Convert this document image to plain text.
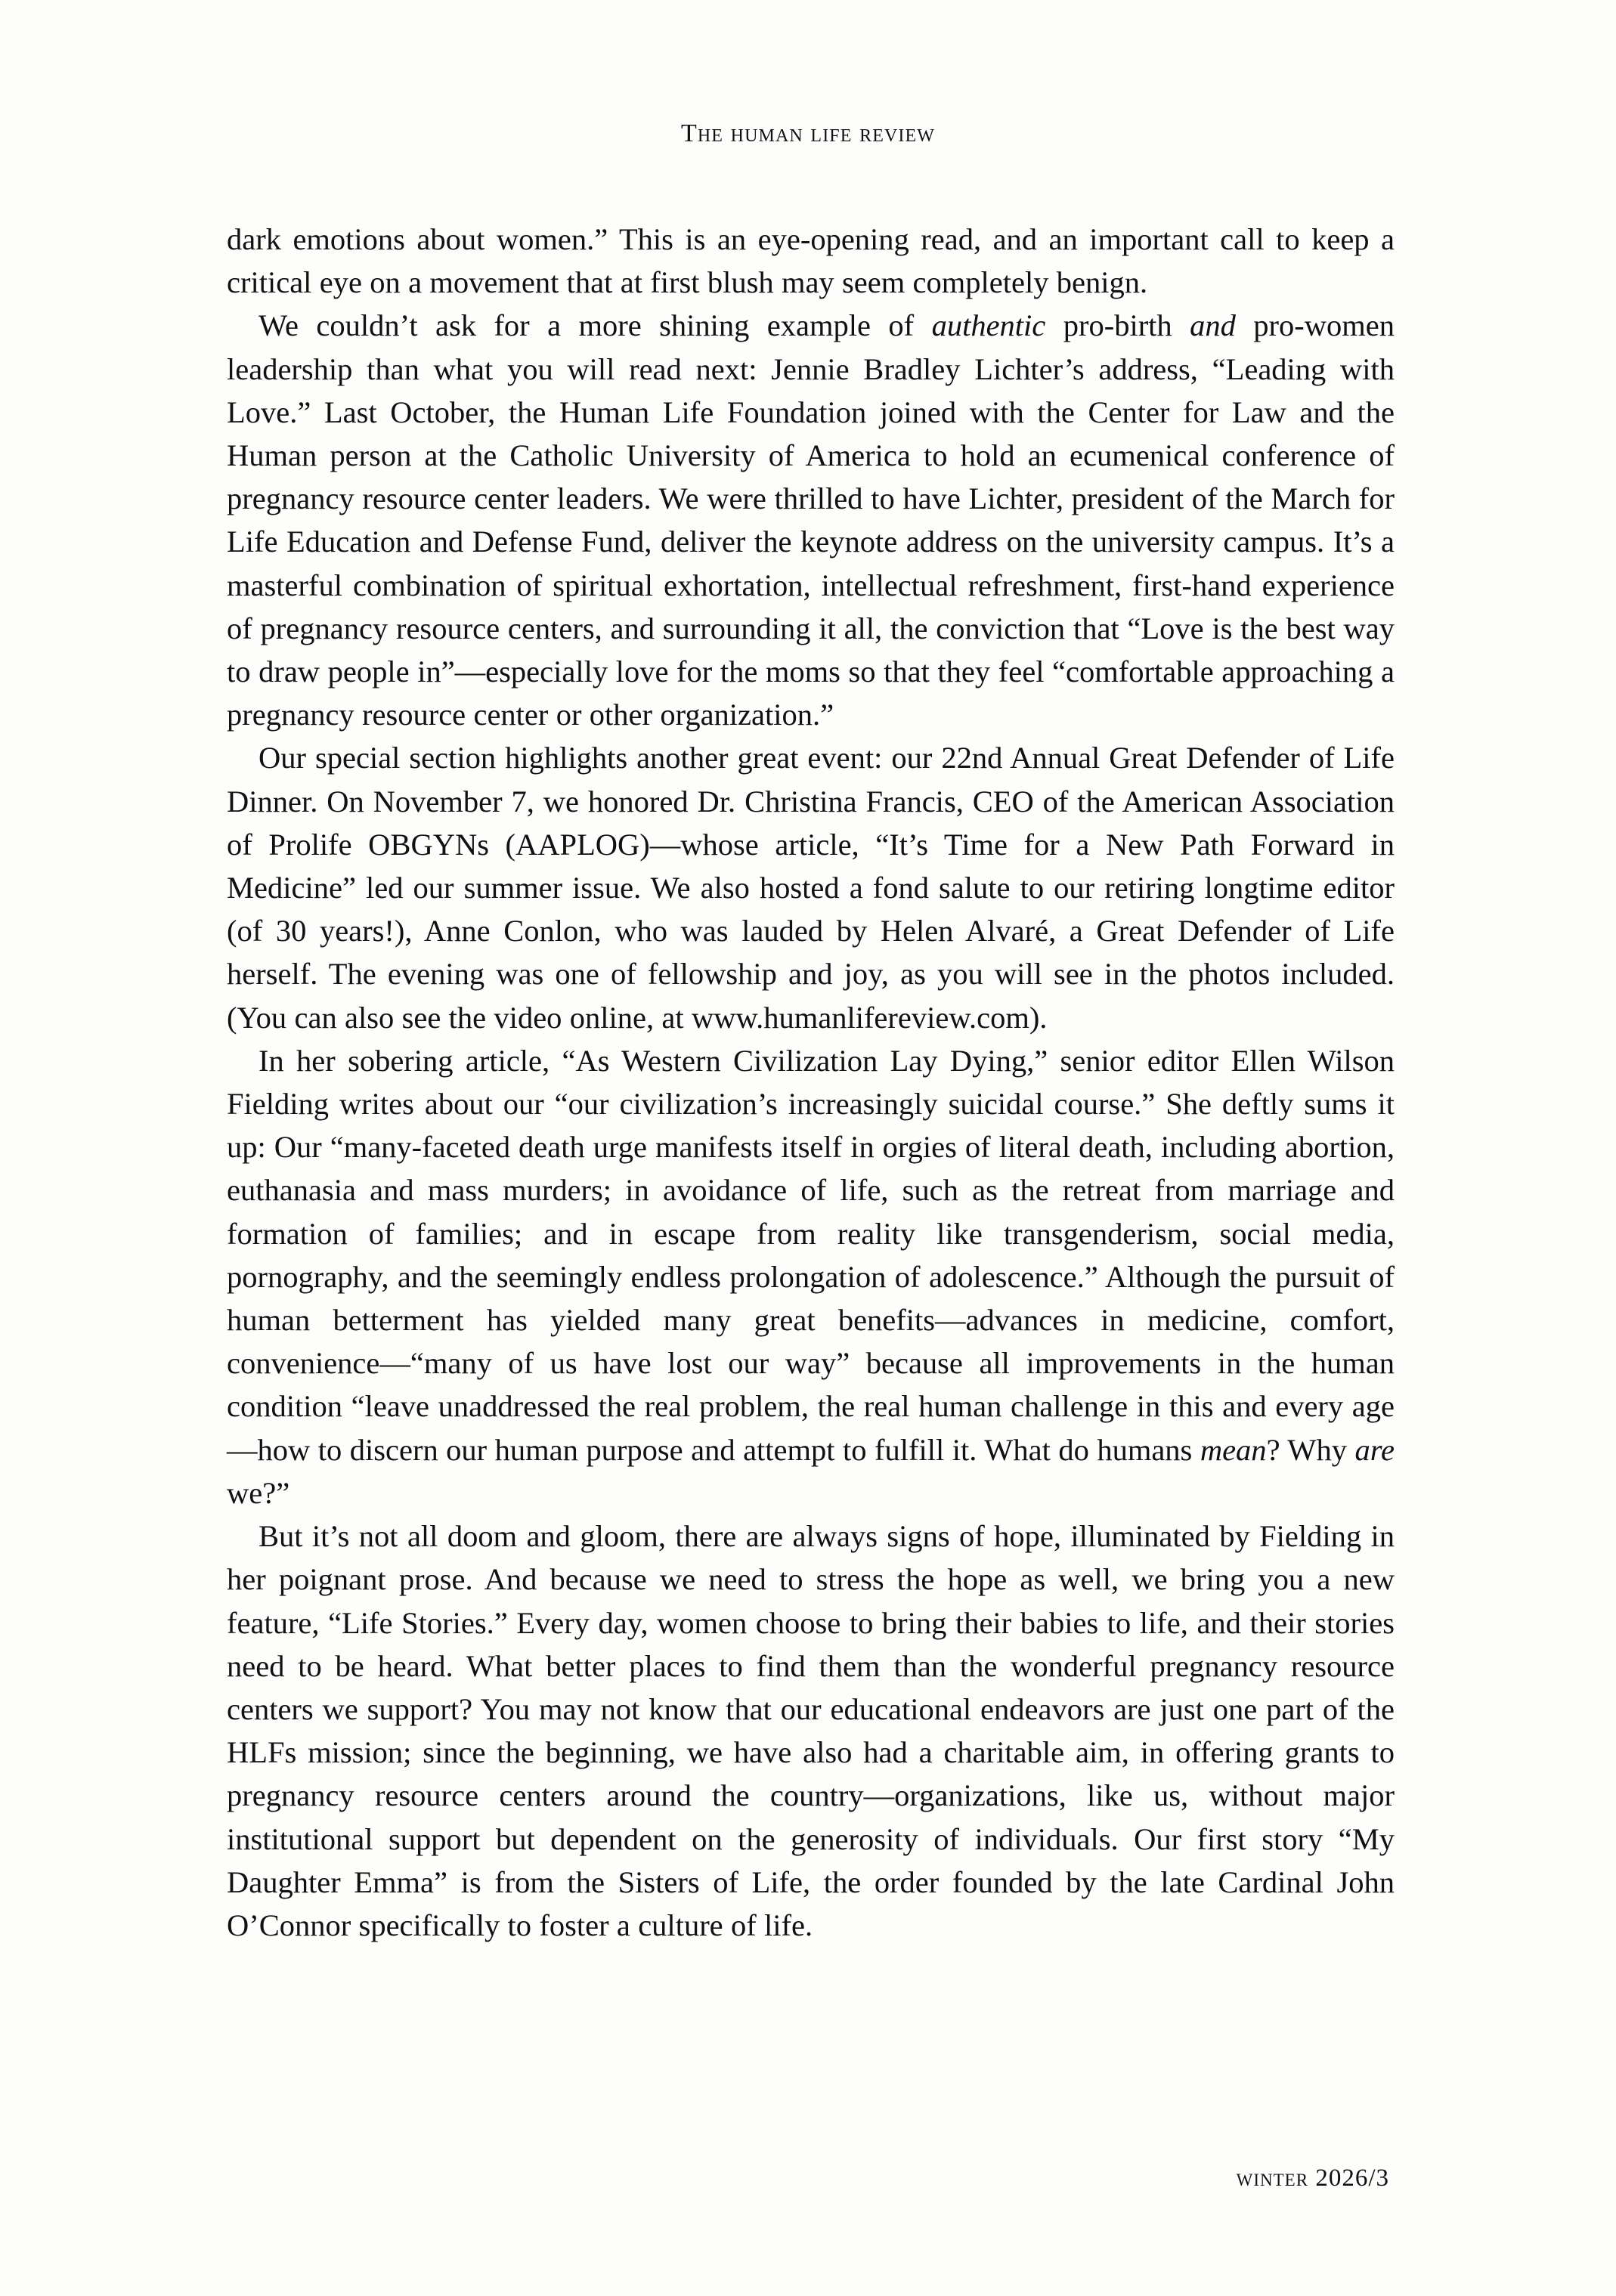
The human life review

dark emotions about women.” This is an eye-opening read, and an important call to keep a critical eye on a movement that at first blush may seem completely benign.

We couldn’t ask for a more shining example of authentic pro-birth and pro-women leadership than what you will read next: Jennie Bradley Lichter’s address, “Leading with Love.” Last October, the Human Life Foundation joined with the Center for Law and the Human person at the Catholic University of America to hold an ecumenical conference of pregnancy resource center leaders. We were thrilled to have Lichter, president of the March for Life Education and Defense Fund, deliver the keynote address on the university campus. It’s a masterful combination of spiritual exhortation, intellectual refreshment, first-hand experience of pregnancy resource centers, and surrounding it all, the conviction that “Love is the best way to draw people in”—especially love for the moms so that they feel “comfortable approaching a pregnancy resource center or other organization.”

Our special section highlights another great event: our 22nd Annual Great Defender of Life Dinner. On November 7, we honored Dr. Christina Francis, CEO of the American Association of Prolife OBGYNs (AAPLOG)—whose article, “It’s Time for a New Path Forward in Medicine” led our summer issue. We also hosted a fond salute to our retiring longtime editor (of 30 years!), Anne Conlon, who was lauded by Helen Alvaré, a Great Defender of Life herself. The evening was one of fellowship and joy, as you will see in the photos included. (You can also see the video online, at www.humanlifereview.com).

In her sobering article, “As Western Civilization Lay Dying,” senior editor Ellen Wilson Fielding writes about our “our civilization’s increasingly suicidal course.” She deftly sums it up: Our “many-faceted death urge manifests itself in orgies of literal death, including abortion, euthanasia and mass murders; in avoidance of life, such as the retreat from marriage and formation of families; and in escape from reality like transgenderism, social media, pornography, and the seemingly endless prolongation of adolescence.” Although the pursuit of human betterment has yielded many great benefits—advances in medicine, comfort, convenience—“many of us have lost our way” because all improvements in the human condition “leave unaddressed the real problem, the real human challenge in this and every age—how to discern our human purpose and attempt to fulfill it. What do humans mean? Why are we?”

But it’s not all doom and gloom, there are always signs of hope, illuminated by Fielding in her poignant prose. And because we need to stress the hope as well, we bring you a new feature, “Life Stories.” Every day, women choose to bring their babies to life, and their stories need to be heard. What better places to find them than the wonderful pregnancy resource centers we support? You may not know that our educational endeavors are just one part of the HLFs mission; since the beginning, we have also had a charitable aim, in offering grants to pregnancy resource centers around the country—organizations, like us, without major institutional support but dependent on the generosity of individuals. Our first story “My Daughter Emma” is from the Sisters of Life, the order founded by the late Cardinal John O’Connor specifically to foster a culture of life.

winter 2026/3
